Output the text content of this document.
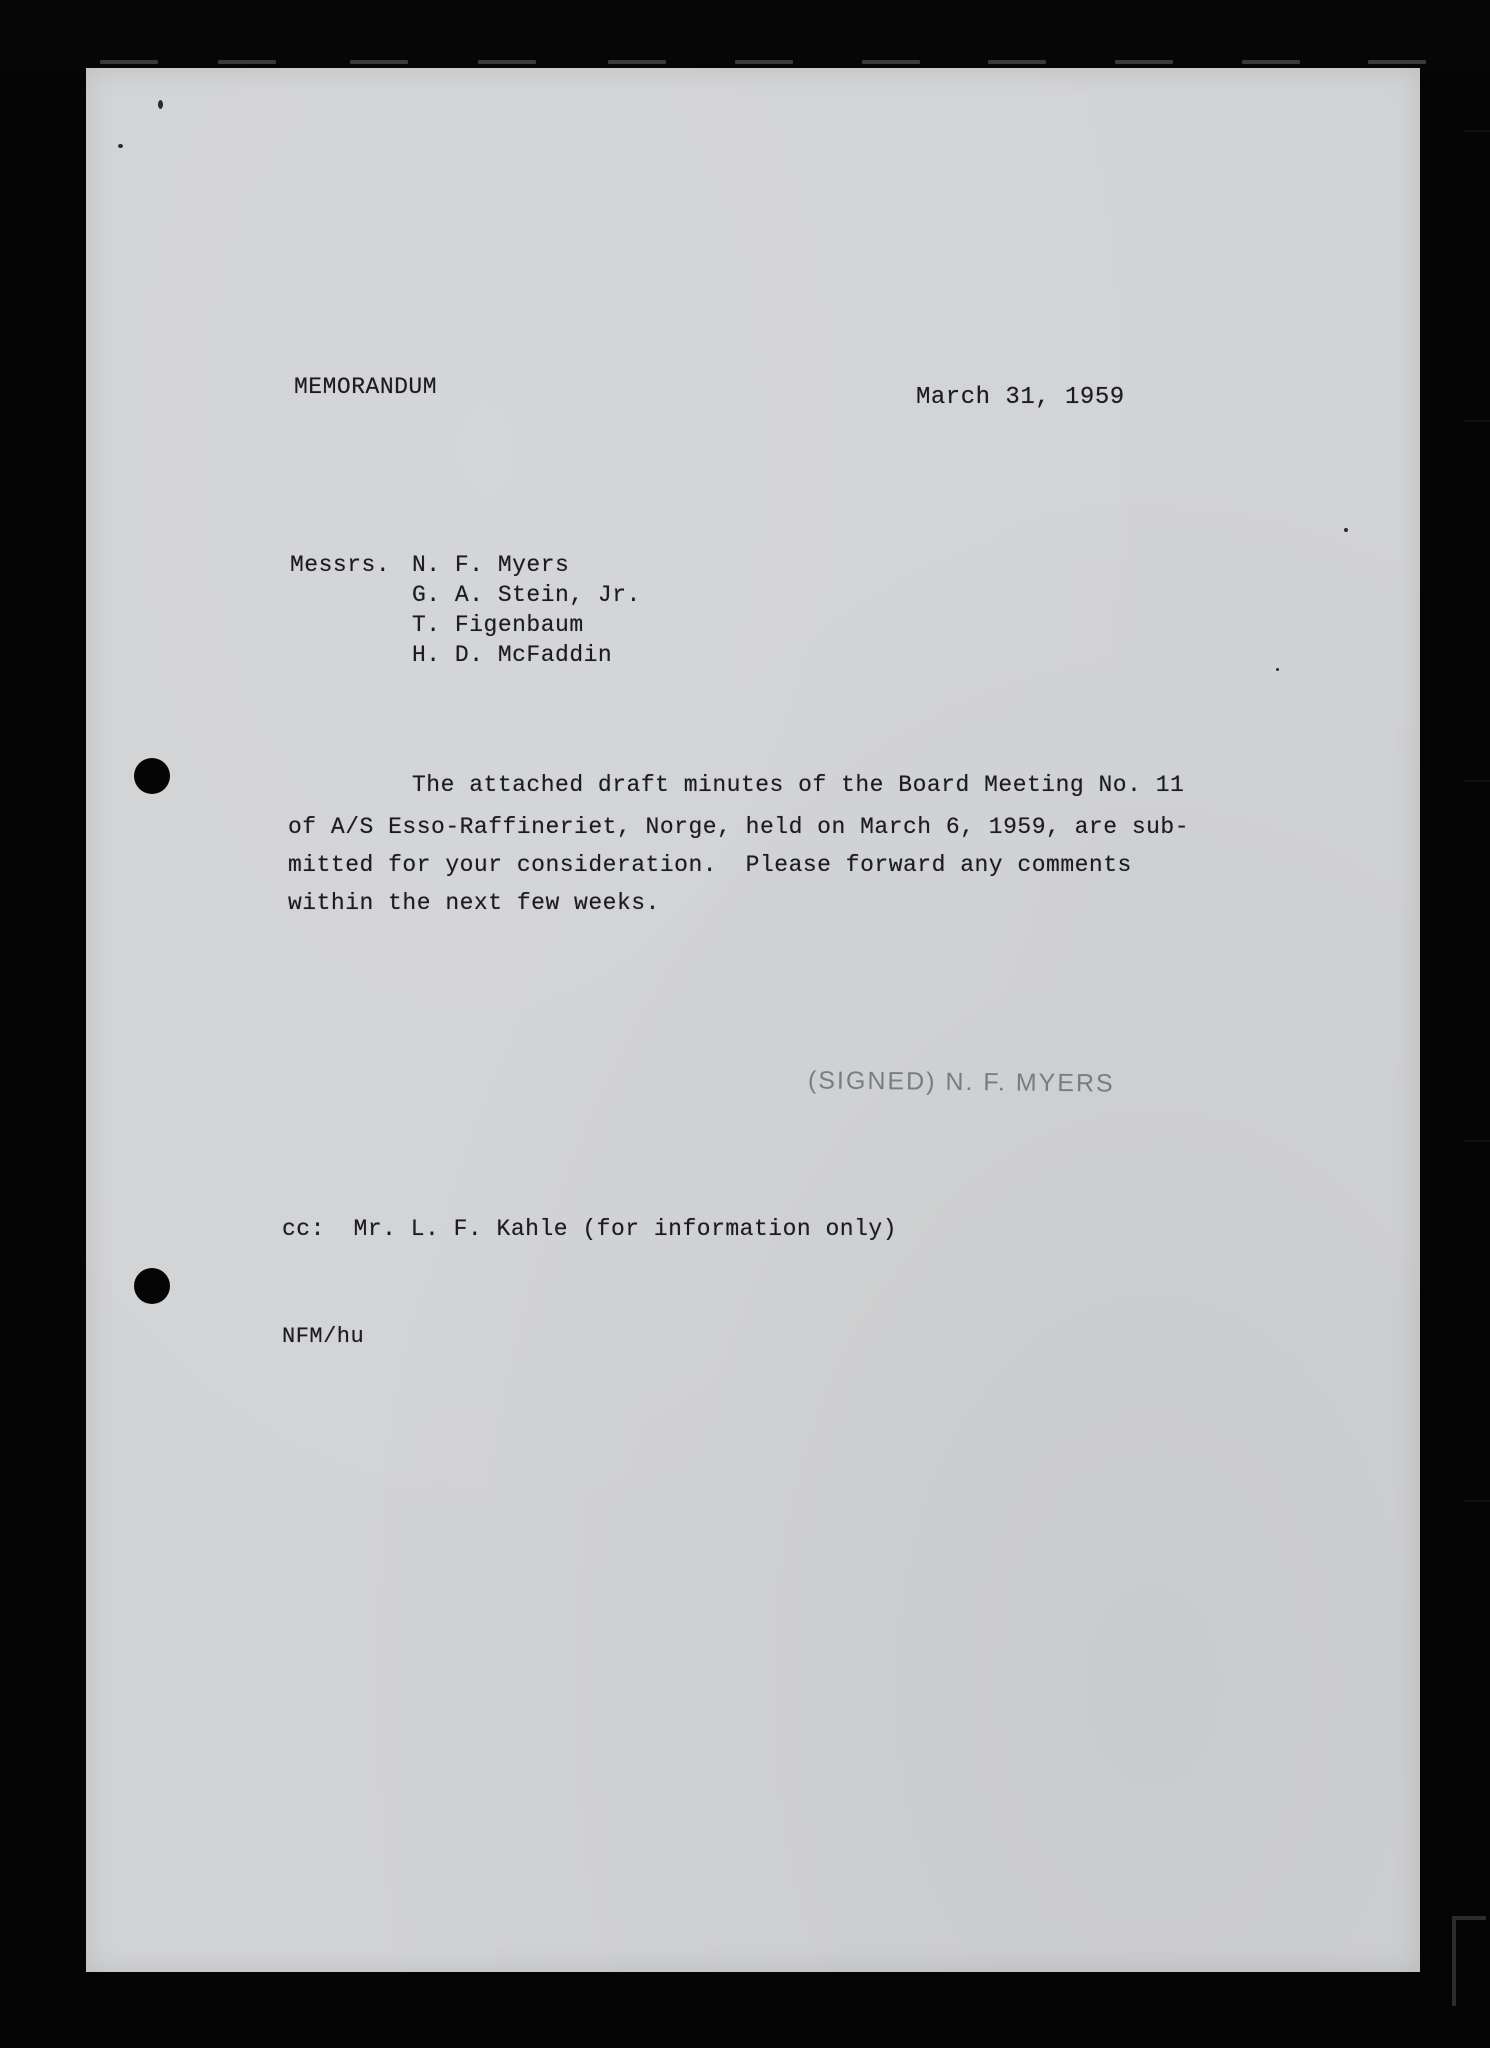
MEMORANDUM	March 31, 1959
Messrs. N. F. Myers
G. A. Stein, Jr.
T. Figenbaum
H. D. McFaddin
The attached draft minutes of the Board Meeting No. 11
of A/S Esso-Raffineriet, Norge, held on March 6, 1959, are sub-
mitted for your consideration.  Please forward any comments
within the next few weeks.
(SIGNED) N. F. MYERS
cc:  Mr. L. F. Kahle (for information only)
NFM/hu
